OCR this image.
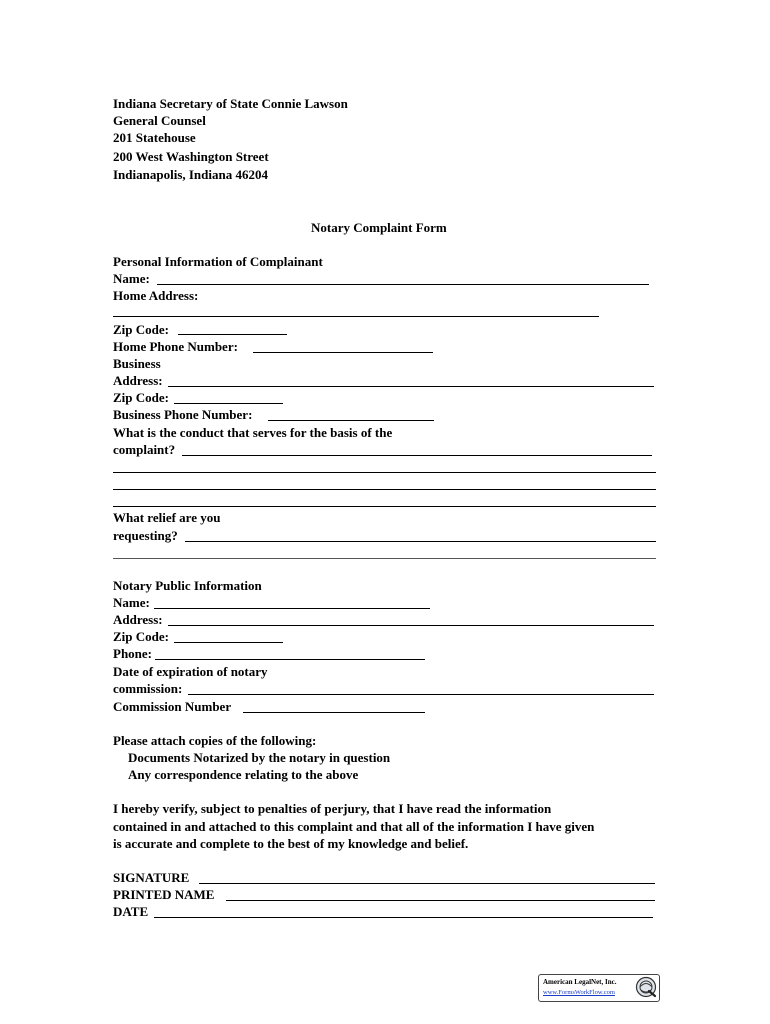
Indiana Secretary of State Connie Lawson
General Counsel
201 Statehouse
200 West Washington Street
Indianapolis, Indiana 46204
Notary Complaint Form
Personal Information of Complainant
Name:
Home Address:
Zip Code:
Home Phone Number:
Business
Address:
Zip Code:
Business Phone Number:
What is the conduct that serves for the basis of the
complaint?
What relief are you
requesting?
Notary Public Information
Name:
Address:
Zip Code:
Phone:
Date of expiration of notary
commission:
Commission Number
Please attach copies of the following:
Documents Notarized by the notary in question
Any correspondence relating to the above
I hereby verify, subject to penalties of perjury, that I have read the information
contained in and attached to this complaint and that all of the information I have given
is accurate and complete to the best of my knowledge and belief.
SIGNATURE
PRINTED NAME
DATE
American LegalNet, Inc.
www.FormsWorkFlow.com
